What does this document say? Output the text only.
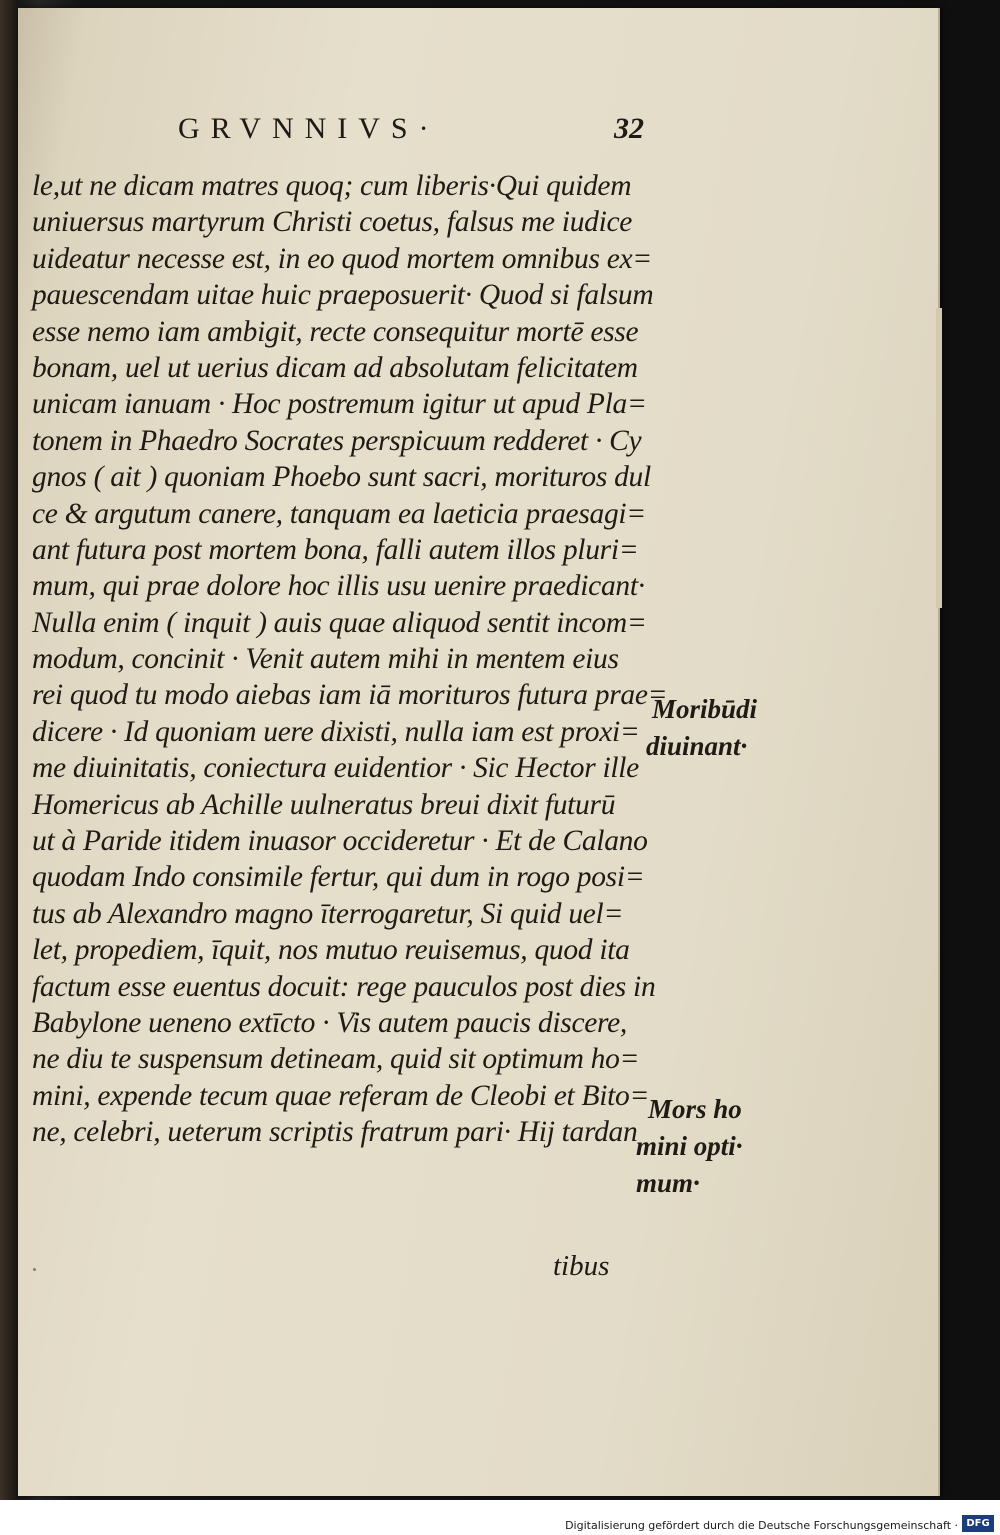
GRVNNIVS·	32
le,ut ne dicam matres quoq; cum liberis·Qui quidem
uniuersus martyrum Christi coetus, falsus me iudice
uideatur necesse est, in eo quod mortem omnibus ex=
pauescendam uitae huic praeposuerit· Quod si falsum
esse nemo iam ambigit, recte consequitur mortē esse
bonam, uel ut uerius dicam ad absolutam felicitatem
unicam ianuam · Hoc postremum igitur ut apud Pla=
tonem in Phaedro Socrates perspicuum redderet · Cy
gnos ( ait ) quoniam Phoebo sunt sacri, morituros dul
ce & argutum canere, tanquam ea laeticia praesagi=
ant futura post mortem bona, falli autem illos pluri=
mum, qui prae dolore hoc illis usu uenire praedicant·
Nulla enim ( inquit ) auis quae aliquod sentit incom=
modum, concinit · Venit autem mihi in mentem eius
rei quod tu modo aiebas iam iā morituros futura prae=
dicere · Id quoniam uere dixisti, nulla iam est proxi=
me diuinitatis, coniectura euidentior · Sic Hector ille
Homericus ab Achille uulneratus breui dixit futurū
ut à Paride itidem inuasor occideretur · Et de Calano
quodam Indo consimile fertur, qui dum in rogo posi=
tus ab Alexandro magno īterrogaretur, Si quid uel=
let, propediem, īquit, nos mutuo reuisemus, quod ita
factum esse euentus docuit: rege pauculos post dies in
Babylone ueneno extīcto · Vis autem paucis discere,
ne diu te suspensum detineam, quid sit optimum ho=
mini, expende tecum quae referam de Cleobi et Bito=
ne, celebri, ueterum scriptis fratrum pari· Hij tardan
Moribūdi
diuinant·
Mors ho
mini opti·
mum·
tibus
Digitalisierung gefördert durch die Deutsche Forschungsgemeinschaft · DFG
